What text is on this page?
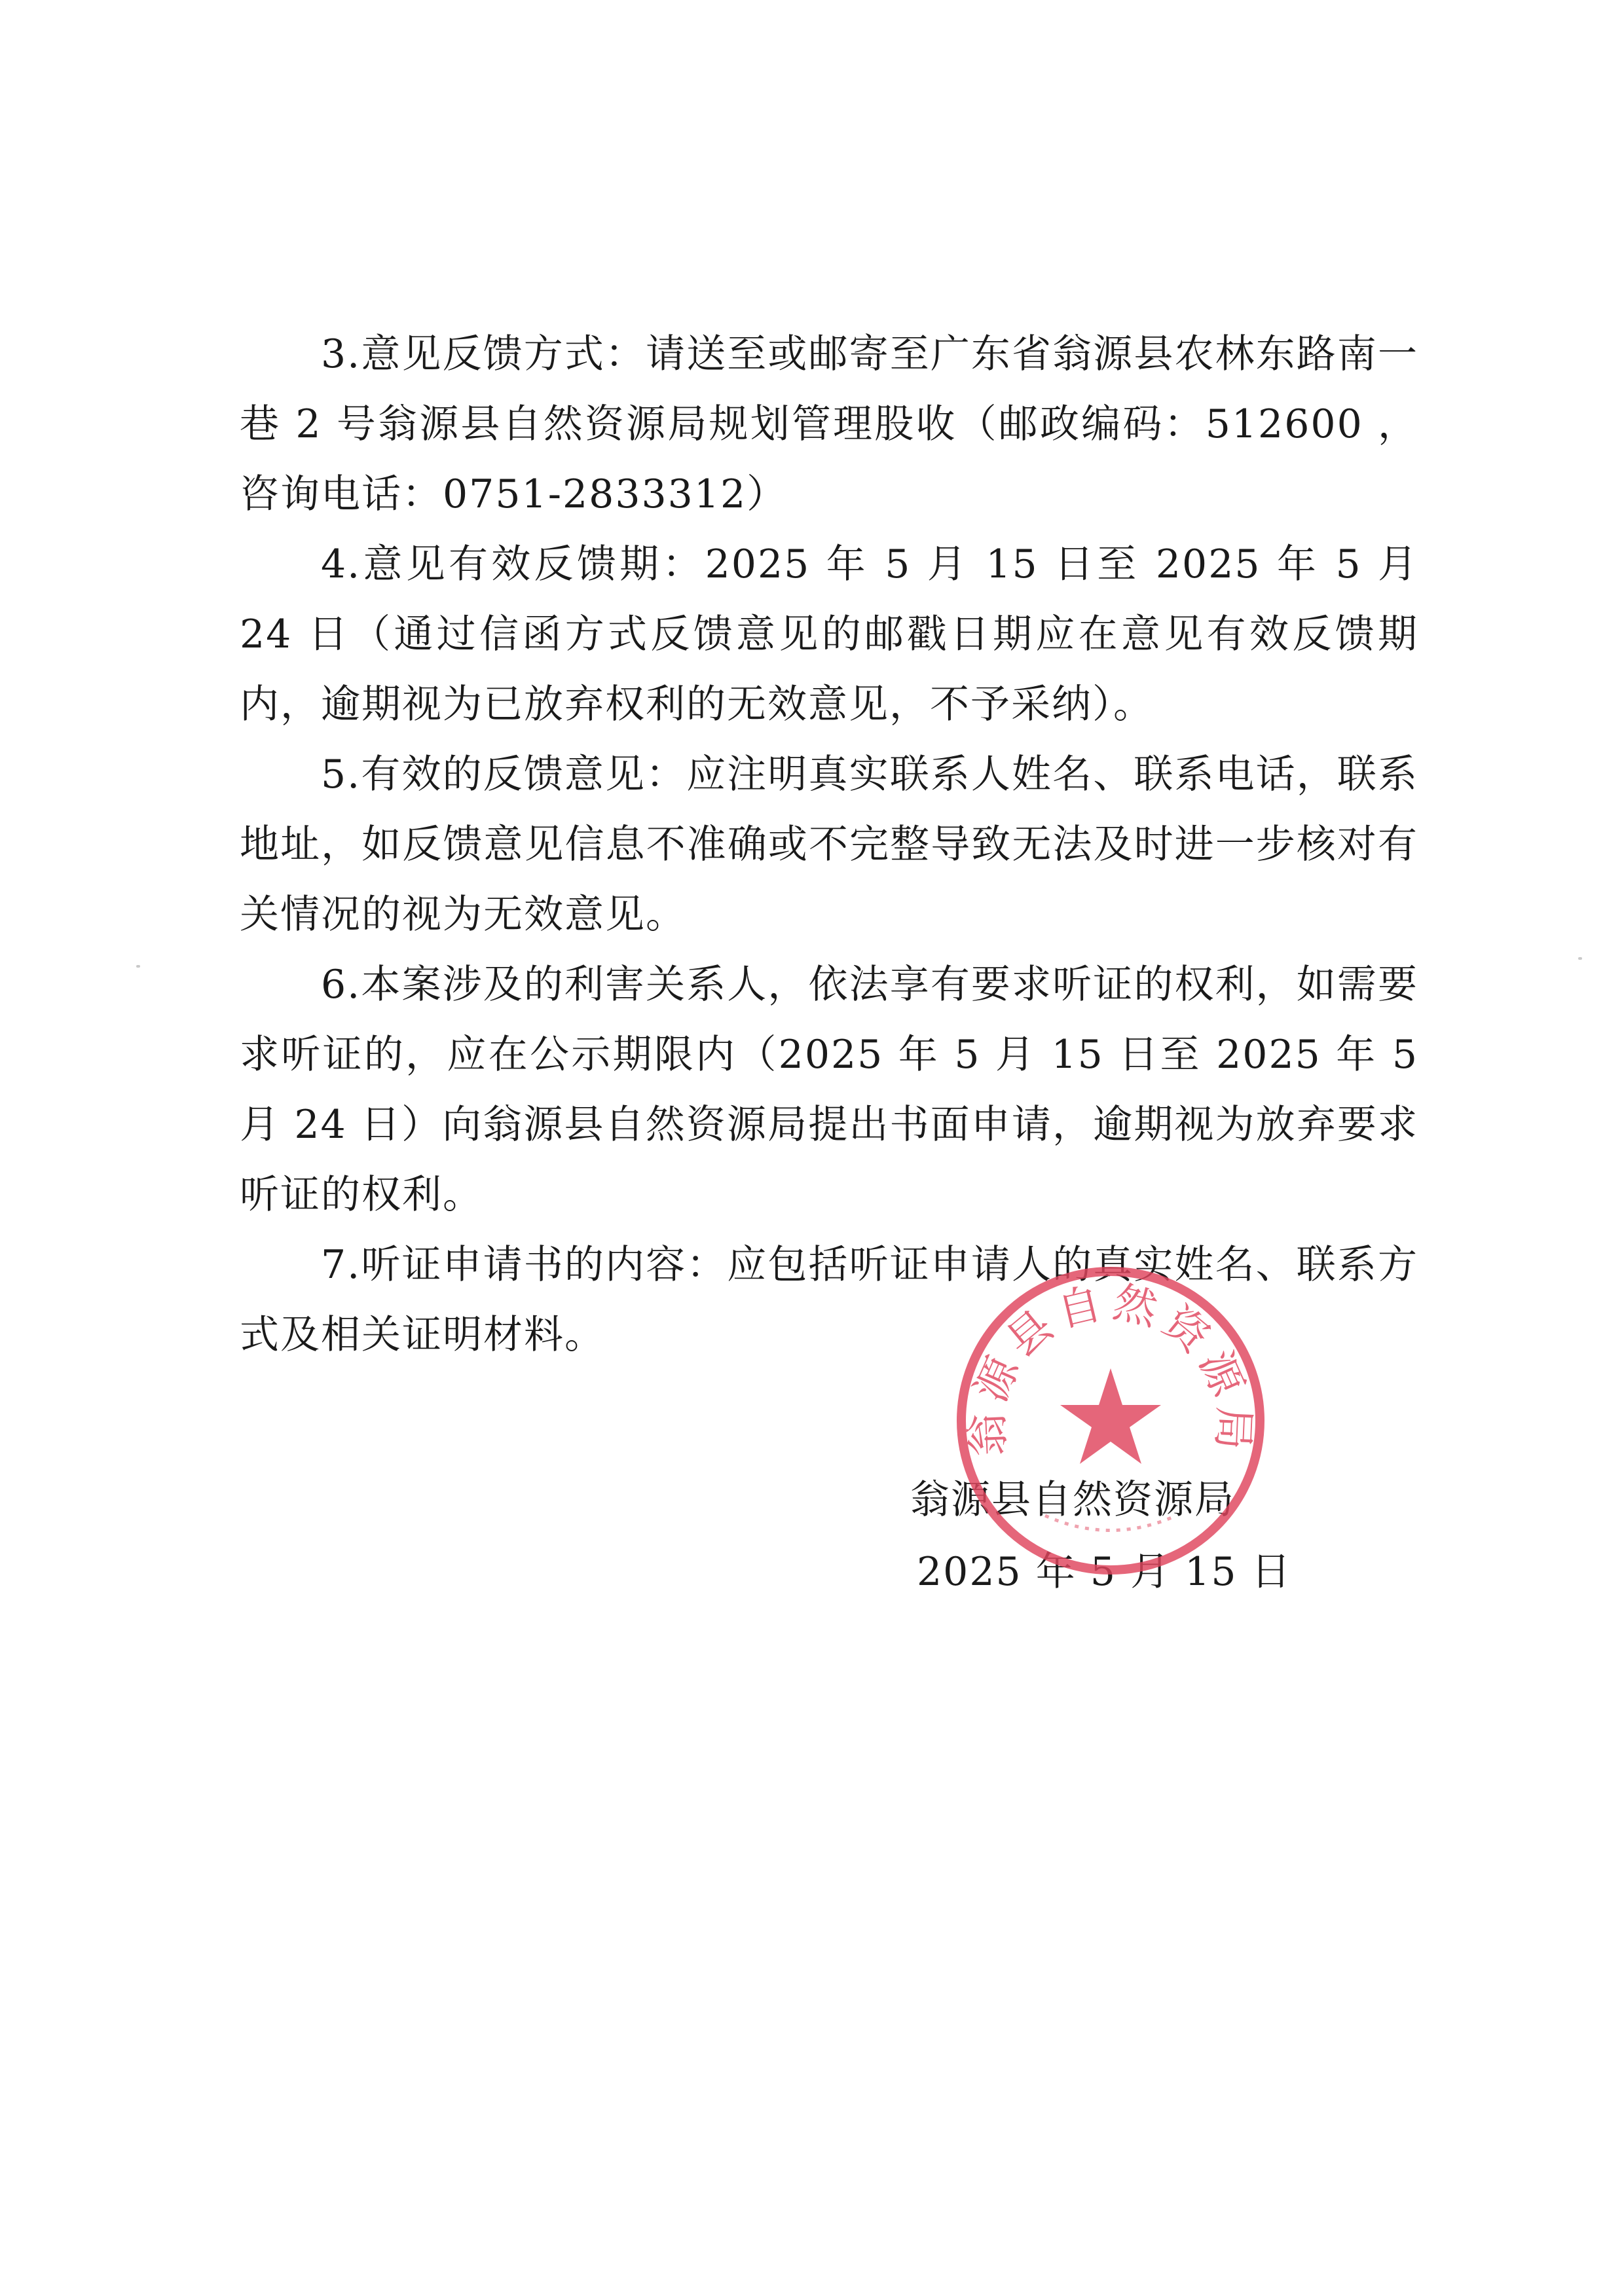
3.意见反馈方式：请送至或邮寄至广东省翁源县农林东路南一巷 2 号翁源县自然资源局规划管理股收（邮政编码：512600 ，咨询电话：0751-2833312）

4.意见有效反馈期：2025 年 5 月 15 日至 2025 年 5 月 24 日（通过信函方式反馈意见的邮戳日期应在意见有效反馈期内，逾期视为已放弃权利的无效意见，不予采纳）。

5.有效的反馈意见：应注明真实联系人姓名、联系电话，联系地址，如反馈意见信息不准确或不完整导致无法及时进一步核对有关情况的视为无效意见。

6.本案涉及的利害关系人，依法享有要求听证的权利，如需要求听证的，应在公示期限内（2025 年 5 月 15 日至 2025 年 5 月 24 日）向翁源县自然资源局提出书面申请，逾期视为放弃要求听证的权利。

7.听证申请书的内容：应包括听证申请人的真实姓名、联系方式及相关证明材料。

翁源县自然资源局
2025 年 5 月 15 日
翁源县自然资源局
